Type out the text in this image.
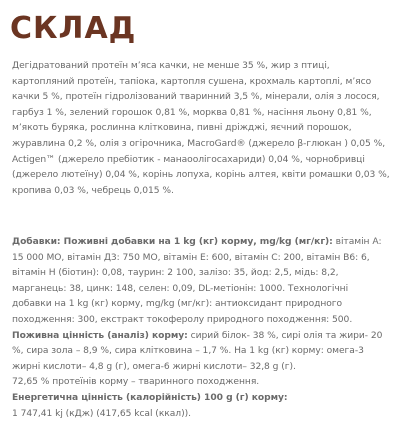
СКЛАД

Дегідратований протеїн м’яса качки, не менше 35 %, жир з птиці, картопляний протеїн, тапіока, картопля сушена, крохмаль картоплі, м’ясо качки 5 %, протеїн гідролізований тваринний 3,5 %, мінерали, олія з лосося, гарбуз 1 %, зелений горошок 0,81 %, морква 0,81 %, насіння льону 0,81 %, м’якоть буряка, рослинна клітковина, пивні дріжджі, яєчний порошок, журавлина 0,2 %, олія з огірочника, MacroGard® (джерело β-глюкан ) 0,05 %, Actigen™ (джерело пребіотик - манаоолігосахариди) 0,04 %, чорнобривці (джерело лютеїну) 0,04 %, корінь лопуха, корінь алтея, квіти ромашки 0,03 %, кропива 0,03 %, чебрець 0,015 %.

Добавки: Поживні добавки на 1 kg (кг) корму, mg/kg (мг/кг): вітамін А: 15 000 МО, вітамін Д3: 750 МО, вітамін Е: 600, вітамін С: 200, вітамін В6: 6, вітамін Н (біотин): 0,08, таурин: 2 100, залізо: 35, йод: 2,5, мідь: 8,2, марганець: 38, цинк: 148, селен: 0,09, DL-метіонін: 1000. Технологічні добавки на 1 kg (кг) корму, mg/kg (мг/кг): антиоксидант природного походження: 300, екстракт токоферолу природного походження: 500.

Поживна цінність (аналіз) корму: сирий білок- 38 %, сирі олія та жири- 20 %, сира зола – 8,9 %, сира клітковина – 1,7 %. На 1 kg (кг) корму: омега-3 жирні кислоти– 4,8 g (г), омега-6 жирні кислоти– 32,8 g (г).

72,65 % протеїнів корму – тваринного походження.

Енергетична цінність (калорійність) 100 g (г) корму:

1 747,41 kj (кДж) (417,65 kcal (ккал)).
